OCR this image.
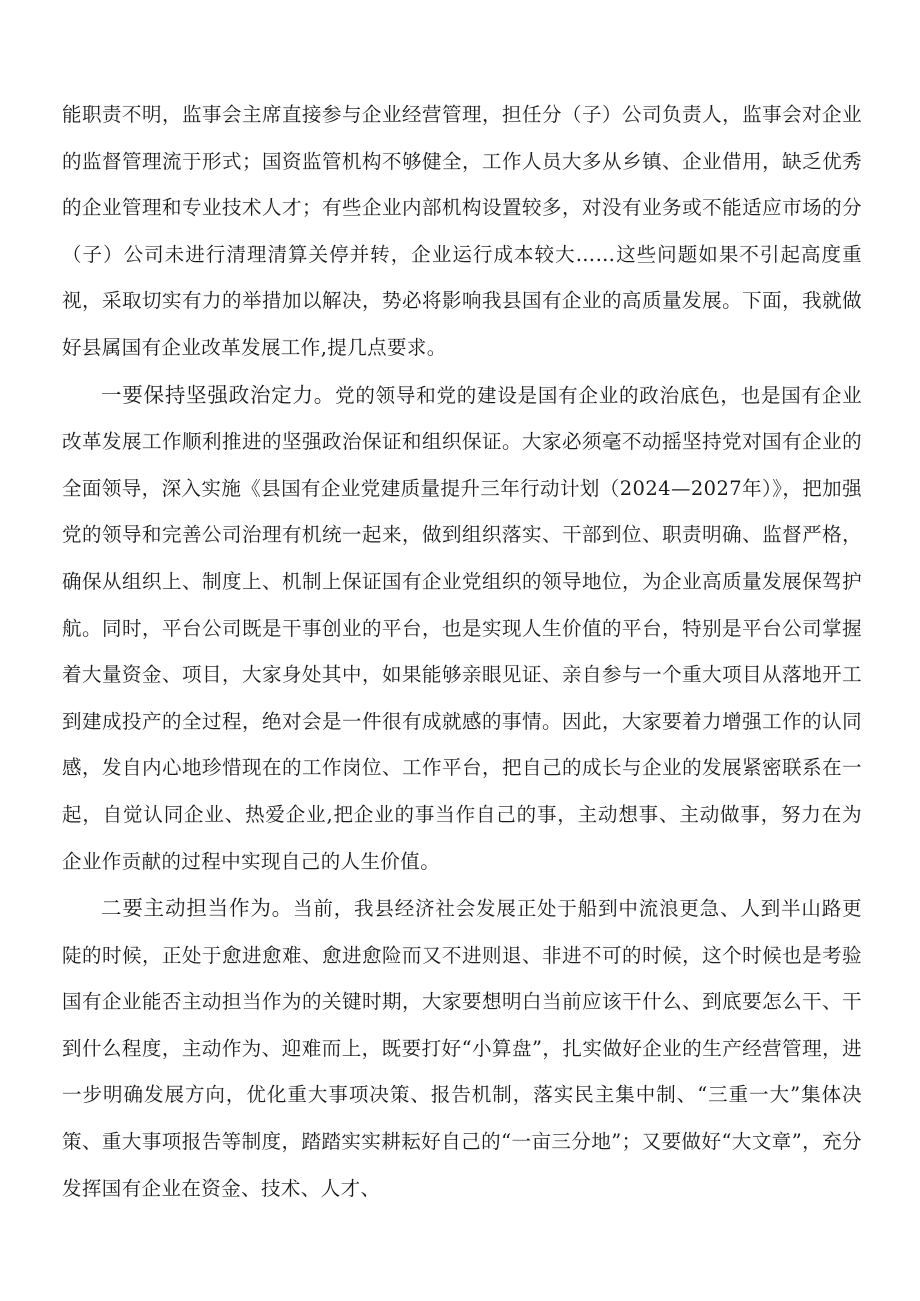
能职责不明，监事会主席直接参与企业经营管理，担任分（子）公司负责人，监事会对企业的监督管理流于形式；国资监管机构不够健全，工作人员大多从乡镇、企业借用，缺乏优秀的企业管理和专业技术人才；有些企业内部机构设置较多，对没有业务或不能适应市场的分（子）公司未进行清理清算关停并转，企业运行成本较大……这些问题如果不引起高度重视，采取切实有力的举措加以解决，势必将影响我县国有企业的高质量发展。下面，我就做好县属国有企业改革发展工作,提几点要求。

一要保持坚强政治定力。党的领导和党的建设是国有企业的政治底色，也是国有企业改革发展工作顺利推进的坚强政治保证和组织保证。大家必须毫不动摇坚持党对国有企业的全面领导，深入实施《县国有企业党建质量提升三年行动计划（2024—2027年）》，把加强党的领导和完善公司治理有机统一起来，做到组织落实、干部到位、职责明确、监督严格，确保从组织上、制度上、机制上保证国有企业党组织的领导地位，为企业高质量发展保驾护航。同时，平台公司既是干事创业的平台，也是实现人生价值的平台，特别是平台公司掌握着大量资金、项目，大家身处其中，如果能够亲眼见证、亲自参与一个重大项目从落地开工到建成投产的全过程，绝对会是一件很有成就感的事情。因此，大家要着力增强工作的认同感，发自内心地珍惜现在的工作岗位、工作平台，把自己的成长与企业的发展紧密联系在一起，自觉认同企业、热爱企业,把企业的事当作自己的事，主动想事、主动做事，努力在为企业作贡献的过程中实现自己的人生价值。

二要主动担当作为。当前，我县经济社会发展正处于船到中流浪更急、人到半山路更陡的时候，正处于愈进愈难、愈进愈险而又不进则退、非进不可的时候，这个时候也是考验国有企业能否主动担当作为的关键时期，大家要想明白当前应该干什么、到底要怎么干、干到什么程度，主动作为、迎难而上，既要打好“小算盘”，扎实做好企业的生产经营管理，进一步明确发展方向，优化重大事项决策、报告机制，落实民主集中制、“三重一大”集体决策、重大事项报告等制度，踏踏实实耕耘好自己的“一亩三分地”；又要做好“大文章”，充分发挥国有企业在资金、技术、人才、
